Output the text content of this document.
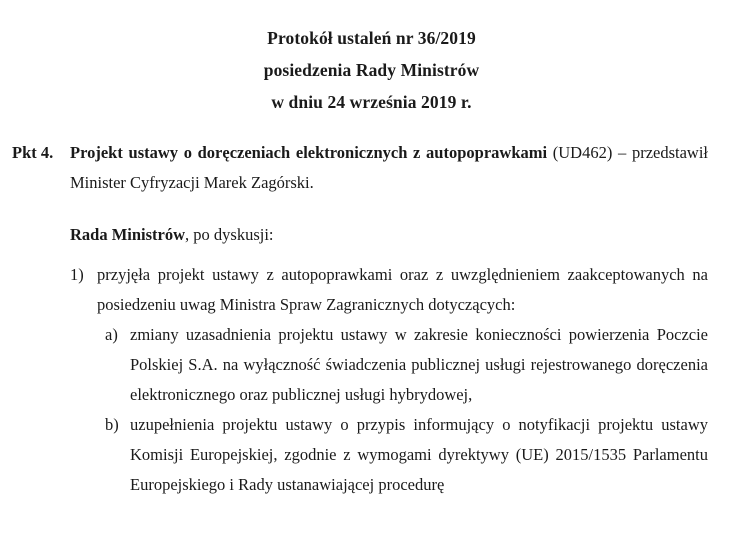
Protokół ustaleń nr 36/2019
posiedzenia Rady Ministrów
w dniu 24 września 2019 r.
Pkt 4.	Projekt ustawy o doręczeniach elektronicznych z autopoprawkami (UD462) – przedstawił Minister Cyfryzacji Marek Zagórski.
Rada Ministrów, po dyskusji:
1) przyjęła projekt ustawy z autopoprawkami oraz z uwzględnieniem zaakceptowanych na posiedzeniu uwag Ministra Spraw Zagranicznych dotyczących:
a) zmiany uzasadnienia projektu ustawy w zakresie konieczności powierzenia Poczcie Polskiej S.A. na wyłączność świadczenia publicznej usługi rejestrowanego doręczenia elektronicznego oraz publicznej usługi hybrydowej,
b) uzupełnienia projektu ustawy o przypis informujący o notyfikacji projektu ustawy Komisji Europejskiej, zgodnie z wymogami dyrektywy (UE) 2015/1535 Parlamentu Europejskiego i Rady ustanawiającej procedurę
